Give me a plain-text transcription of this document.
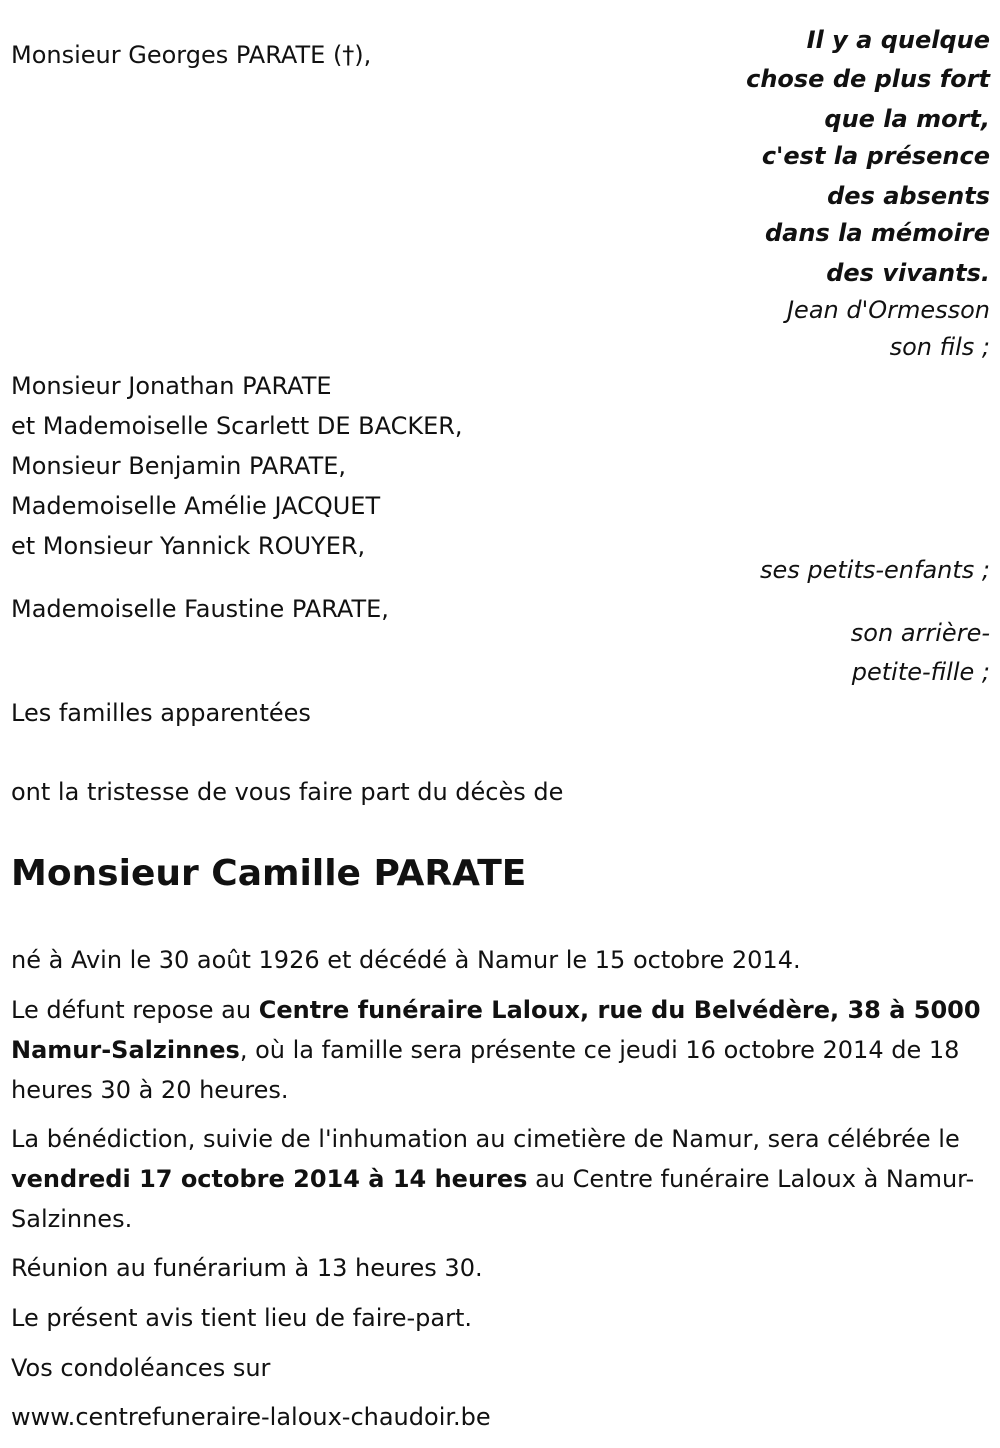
Monsieur Georges PARATE (†),
Il y a quelque
chose de plus fort
que la mort,
c'est la présence
des absents
dans la mémoire
des vivants.
Jean d'Ormesson
son fils ;
Monsieur Jonathan PARATE
et Mademoiselle Scarlett DE BACKER,
Monsieur Benjamin PARATE,
Mademoiselle Amélie JACQUET
et Monsieur Yannick ROUYER,
ses petits-enfants ;
Mademoiselle Faustine PARATE,
son arrière-
petite-fille ;
Les familles apparentées
ont la tristesse de vous faire part du décès de
Monsieur Camille PARATE
né à Avin le 30 août 1926 et décédé à Namur le 15 octobre 2014.
Le défunt repose au Centre funéraire Laloux, rue du Belvédère, 38 à 5000 Namur-Salzinnes, où la famille sera présente ce jeudi 16 octobre 2014 de 18 heures 30 à 20 heures.
La bénédiction, suivie de l'inhumation au cimetière de Namur, sera célébrée le vendredi 17 octobre 2014 à 14 heures au Centre funéraire Laloux à Namur-Salzinnes.
Réunion au funérarium à 13 heures 30.
Le présent avis tient lieu de faire-part.
Vos condoléances sur
www.centrefuneraire-laloux-chaudoir.be
